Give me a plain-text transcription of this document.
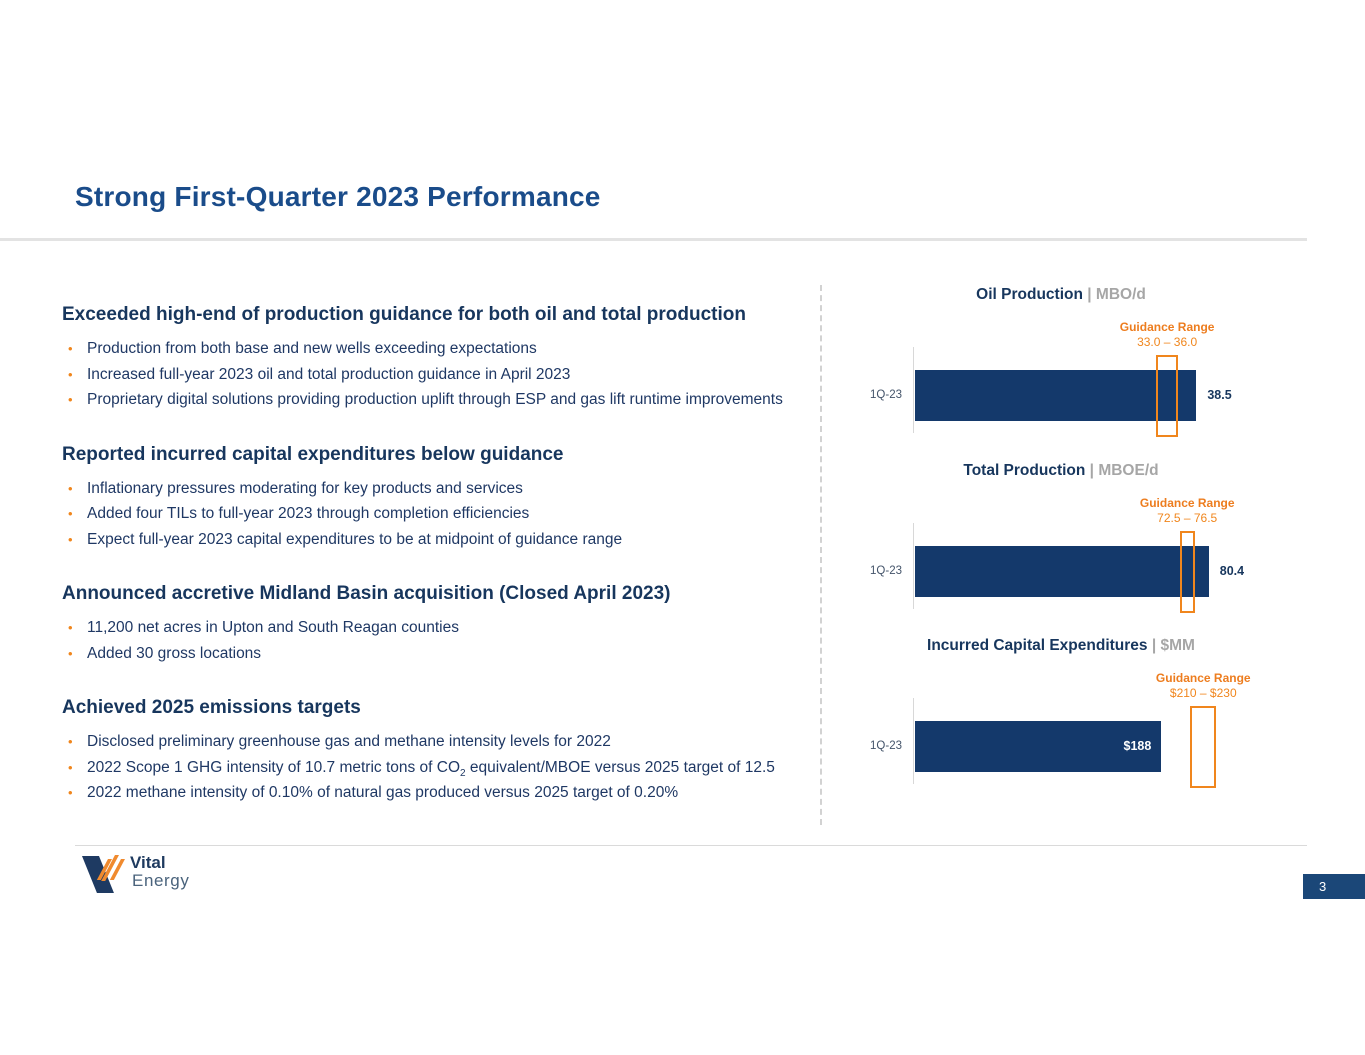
Strong First-Quarter 2023 Performance
Exceeded high-end of production guidance for both oil and total production
• Production from both base and new wells exceeding expectations
• Increased full-year 2023 oil and total production guidance in April 2023
• Proprietary digital solutions providing production uplift through ESP and gas lift runtime improvements
Reported incurred capital expenditures below guidance
• Inflationary pressures moderating for key products and services
• Added four TILs to full-year 2023 through completion efficiencies
• Expect full-year 2023 capital expenditures to be at midpoint of guidance range
Announced accretive Midland Basin acquisition (Closed April 2023)
• 11,200 net acres in Upton and South Reagan counties
• Added 30 gross locations
Achieved 2025 emissions targets
• Disclosed preliminary greenhouse gas and methane intensity levels for 2022
• 2022 Scope 1 GHG intensity of 10.7 metric tons of $CO_2$ equivalent/MBOE versus 2025 target of 12.5
• 2022 methane intensity of 0.10% of natural gas produced versus 2025 target of 0.20%
Oil Production | MBO/d
Guidance Range
33.0 – 36.0
1Q-23	38.5
Total Production | MBOE/d
Guidance Range
72.5 – 76.5
1Q-23	80.4
Incurred Capital Expenditures | $MM
Guidance Range
$210 – $230
1Q-23	$188
Vital
Energy	3
